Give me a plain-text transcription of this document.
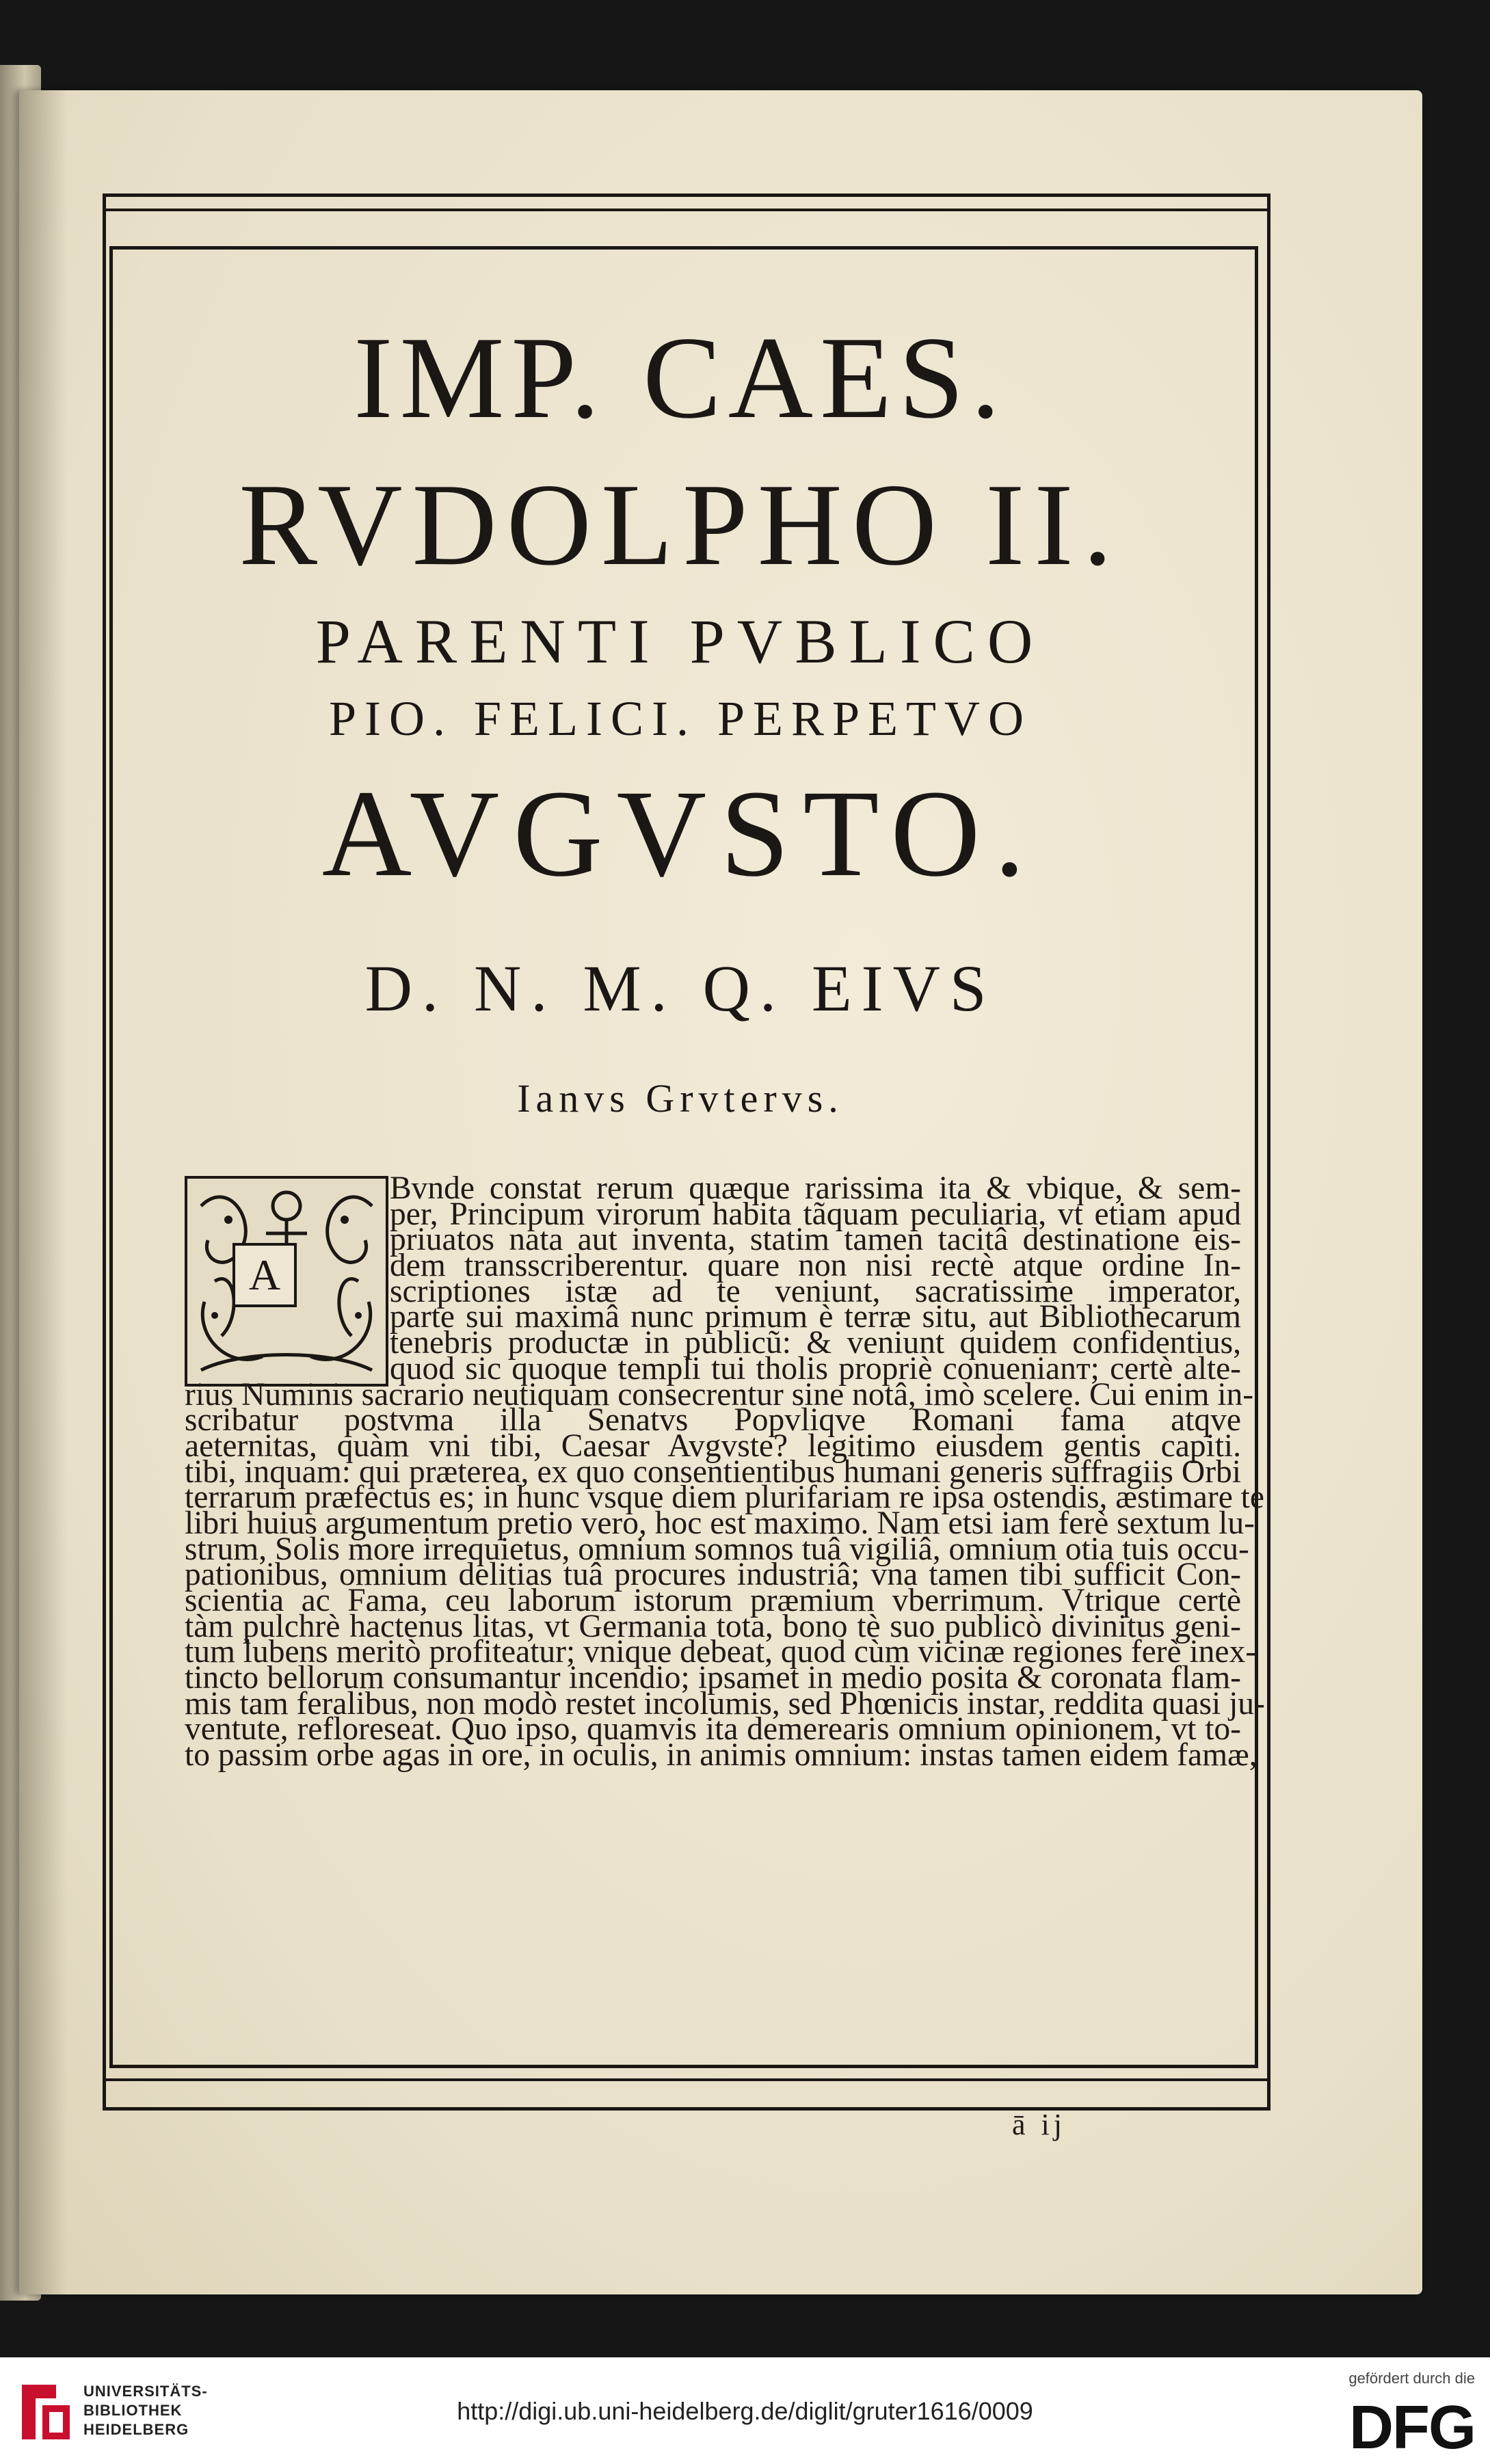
IMP. CAES.
RVDOLPHO II.
PARENTI PVBLICO
PIO. FELICI. PERPETVO
AVGVSTO.
D. N. M. Q. EIVS
Ianvs Grvtervs.
A
Bvnde constat rerum quæque rarissima ita & vbique, & sem-
per, Principum virorum habita tãquam peculiaria, vt etiam apud
priuatos nata aut inventa, statim tamen tacitâ destinatione eis-
dem transscriberentur. quare non nisi rectè atque ordine In-
scriptiones istæ ad te veniunt, sacratissime imperator,
parte sui maximâ nunc primum è terræ situ, aut Bibliothecarum
tenebris productæ in publicũ: & veniunt quidem confidentius,
quod sic quoque templi tui tholis propriè conuenianт; certè alte-
rius Numinis sacrario neutiquam consecrentur sine notâ, imò scelere. Cui enim in-
scribatur postvma illa Senatvs Popvliqve Romani fama atqve
aeternitas, quàm vni tibi, Caesar Avgvste? legitimo eiusdem gentis capiti.
tibi, inquam: qui præterea, ex quo consentientibus humani generis suffragiis Orbi
terrarum præfectus es; in hunc vsque diem plurifariam re ipsa ostendis, æstimare te
libri huius argumentum pretio vero, hoc est maximo. Nam etsi iam ferè sextum lu-
strum, Solis more irrequietus, omnium somnos tuâ vigiliâ, omnium otia tuis occu-
pationibus, omnium delitias tuâ procures industriâ; vna tamen tibi sufficit Con-
scientia ac Fama, ceu laborum istorum præmium vberrimum. Vtrique certè
tàm pulchrè hactenus litas, vt Germania tota, bono tè suo publicò divinitus geni-
tum lubens meritò profiteatur; vnique debeat, quod cùm vicinæ regiones ferè inex-
tincto bellorum consumantur incendio; ipsamet in medio posita & coronata flam-
mis tam feralibus, non modò restet incolumis, sed Phœnicis instar, reddita quasi ju-
ventute, refloreseat. Quo ipso, quamvis ita demerearis omnium opinionem, vt to-
to passim orbe agas in ore, in oculis, in animis omnium: instas tamen eidem famæ,
ā ij
UNIVERSITÄTS-
BIBLIOTHEK
HEIDELBERG
http://digi.ub.uni-heidelberg.de/diglit/gruter1616/0009
gefördert durch die
DFG
